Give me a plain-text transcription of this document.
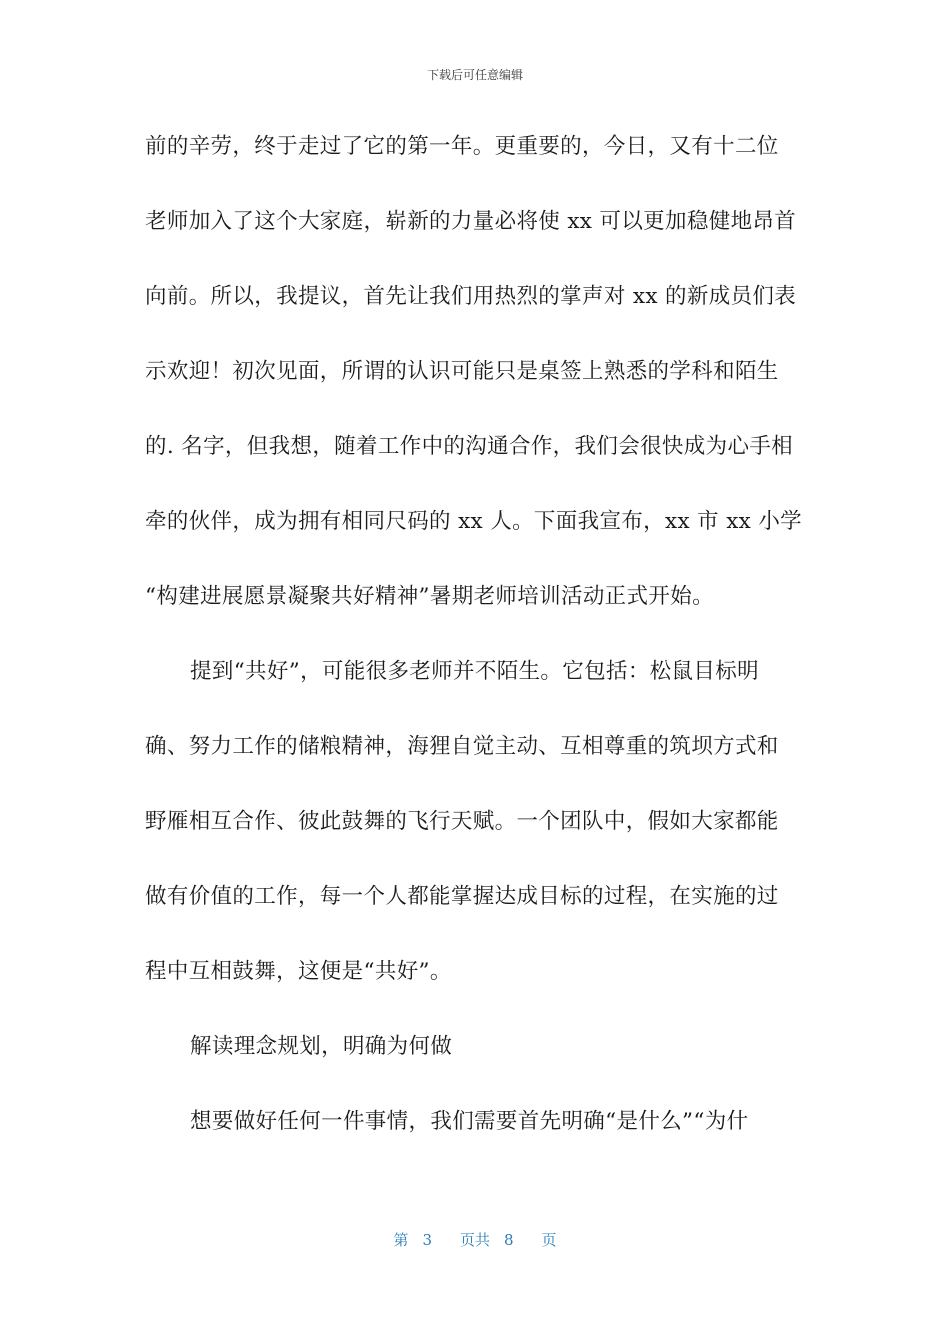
下载后可任意编辑
前的辛劳，终于走过了它的第一年。更重要的，今日，又有十二位
老师加入了这个大家庭，崭新的力量必将使 xx 可以更加稳健地昂首
向前。所以，我提议，首先让我们用热烈的掌声对 xx 的新成员们表
示欢迎！初次见面，所谓的认识可能只是桌签上熟悉的学科和陌生
的. 名字，但我想，随着工作中的沟通合作，我们会很快成为心手相
牵的伙伴，成为拥有相同尺码的 xx 人。下面我宣布，xx 市 xx 小学
“构建进展愿景凝聚共好精神”暑期老师培训活动正式开始。
提到“共好”，可能很多老师并不陌生。它包括：松鼠目标明
确、努力工作的储粮精神，海狸自觉主动、互相尊重的筑坝方式和
野雁相互合作、彼此鼓舞的飞行天赋。一个团队中，假如大家都能
做有价值的工作，每一个人都能掌握达成目标的过程，在实施的过
程中互相鼓舞，这便是“共好”。
解读理念规划，明确为何做
想要做好任何一件事情，我们需要首先明确“是什么”“为什
第 3 页共 8 页
